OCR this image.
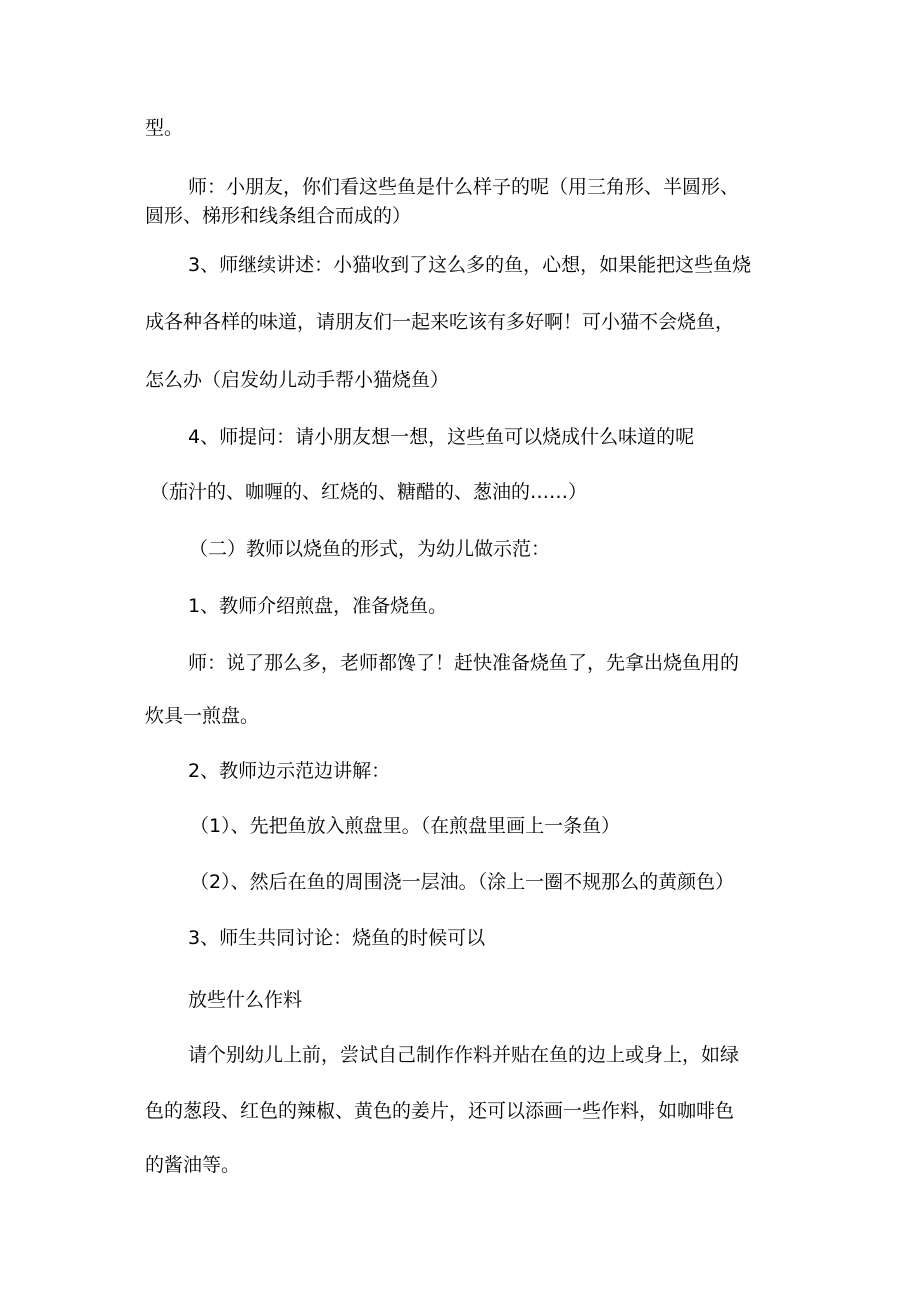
型。

师：小朋友，你们看这些鱼是什么样子的呢（用三角形、半圆形、

圆形、梯形和线条组合而成的）

3、师继续讲述：小猫收到了这么多的鱼，心想，如果能把这些鱼烧

成各种各样的味道，请朋友们一起来吃该有多好啊！可小猫不会烧鱼，

怎么办（启发幼儿动手帮小猫烧鱼）

4、师提问：请小朋友想一想，这些鱼可以烧成什么味道的呢

（茄汁的、咖喱的、红烧的、糖醋的、葱油的……）

（二）教师以烧鱼的形式，为幼儿做示范：

1、教师介绍煎盘，准备烧鱼。

师：说了那么多，老师都馋了！赶快准备烧鱼了，先拿出烧鱼用的

炊具一煎盘。

2、教师边示范边讲解：

（1）、先把鱼放入煎盘里。（在煎盘里画上一条鱼）

（2）、然后在鱼的周围浇一层油。（涂上一圈不规那么的黄颜色）

3、师生共同讨论：烧鱼的时候可以

放些什么作料

请个别幼儿上前，尝试自己制作作料并贴在鱼的边上或身上，如绿

色的葱段、红色的辣椒、黄色的姜片，还可以添画一些作料，如咖啡色

的酱油等。
